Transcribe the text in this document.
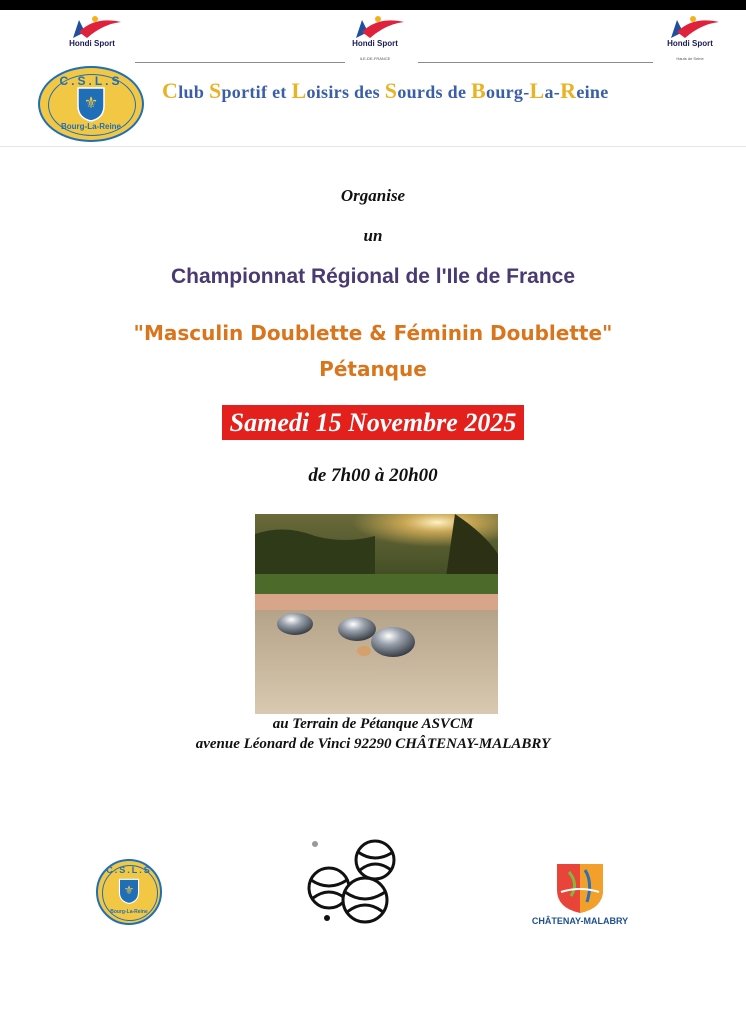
Hondi Sport	Hondi Sport
ILE-DE-FRANCE
Hondi Sport
Hauts de Seine
⚜
C.S.L.S
Bourg-La-Reine
Club Sportif et Loisirs des Sourds de Bourg-La-Reine
Organise
un
Championnat Régional de l'Ile de France
"Masculin Doublette & Féminin Doublette"
Pétanque
Samedi 15 Novembre 2025
de 7h00 à 20h00
au Terrain de Pétanque ASVCM
avenue Léonard de Vinci 92290 CHÂTENAY-MALABRY
⚜
C.S.L.S
Bourg-La-Reine
CHÂTENAY-MALABRY
